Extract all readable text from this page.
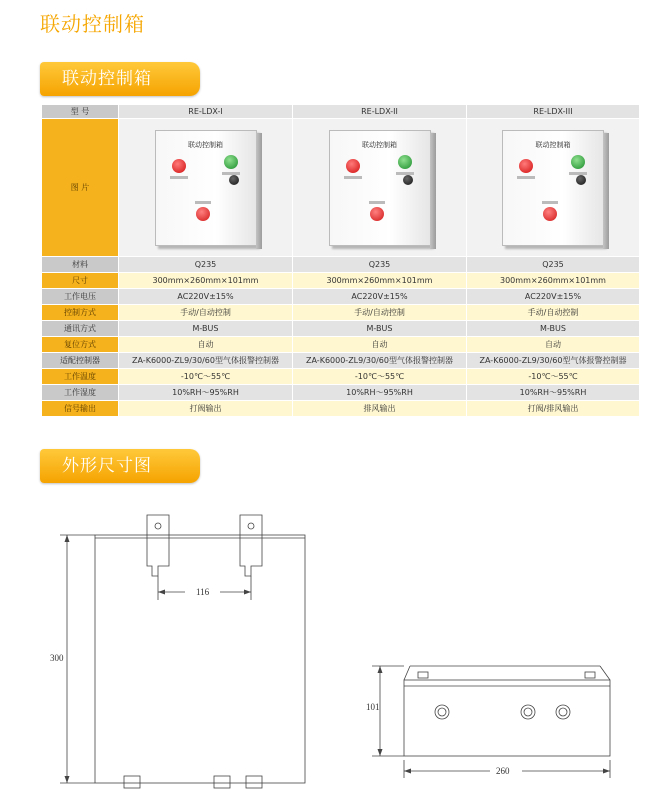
联动控制箱
联动控制箱
型 号	RE-LDX-I	RE-LDX-II	RE-LDX-III
图 片	联动控制箱	联动控制箱	联动控制箱

材料	Q235	Q235	Q235
尺寸	300mm×260mm×101mm	300mm×260mm×101mm	300mm×260mm×101mm
工作电压	AC220V±15%	AC220V±15%	AC220V±15%
控制方式	手动/自动控制	手动/自动控制	手动/自动控制
通讯方式	M-BUS	M-BUS	M-BUS
复位方式	自动	自动	自动
适配控制器	ZA-K6000-ZL9/30/60型气体报警控制器	ZA-K6000-ZL9/30/60型气体报警控制器	ZA-K6000-ZL9/30/60型气体报警控制器
工作温度	-10℃～55℃	-10℃～55℃	-10℃～55℃
工作湿度	10%RH～95%RH	10%RH～95%RH	10%RH～95%RH
信号输出	打阀输出	排风输出	打阀/排风输出
外形尺寸图
300
116
101
260
